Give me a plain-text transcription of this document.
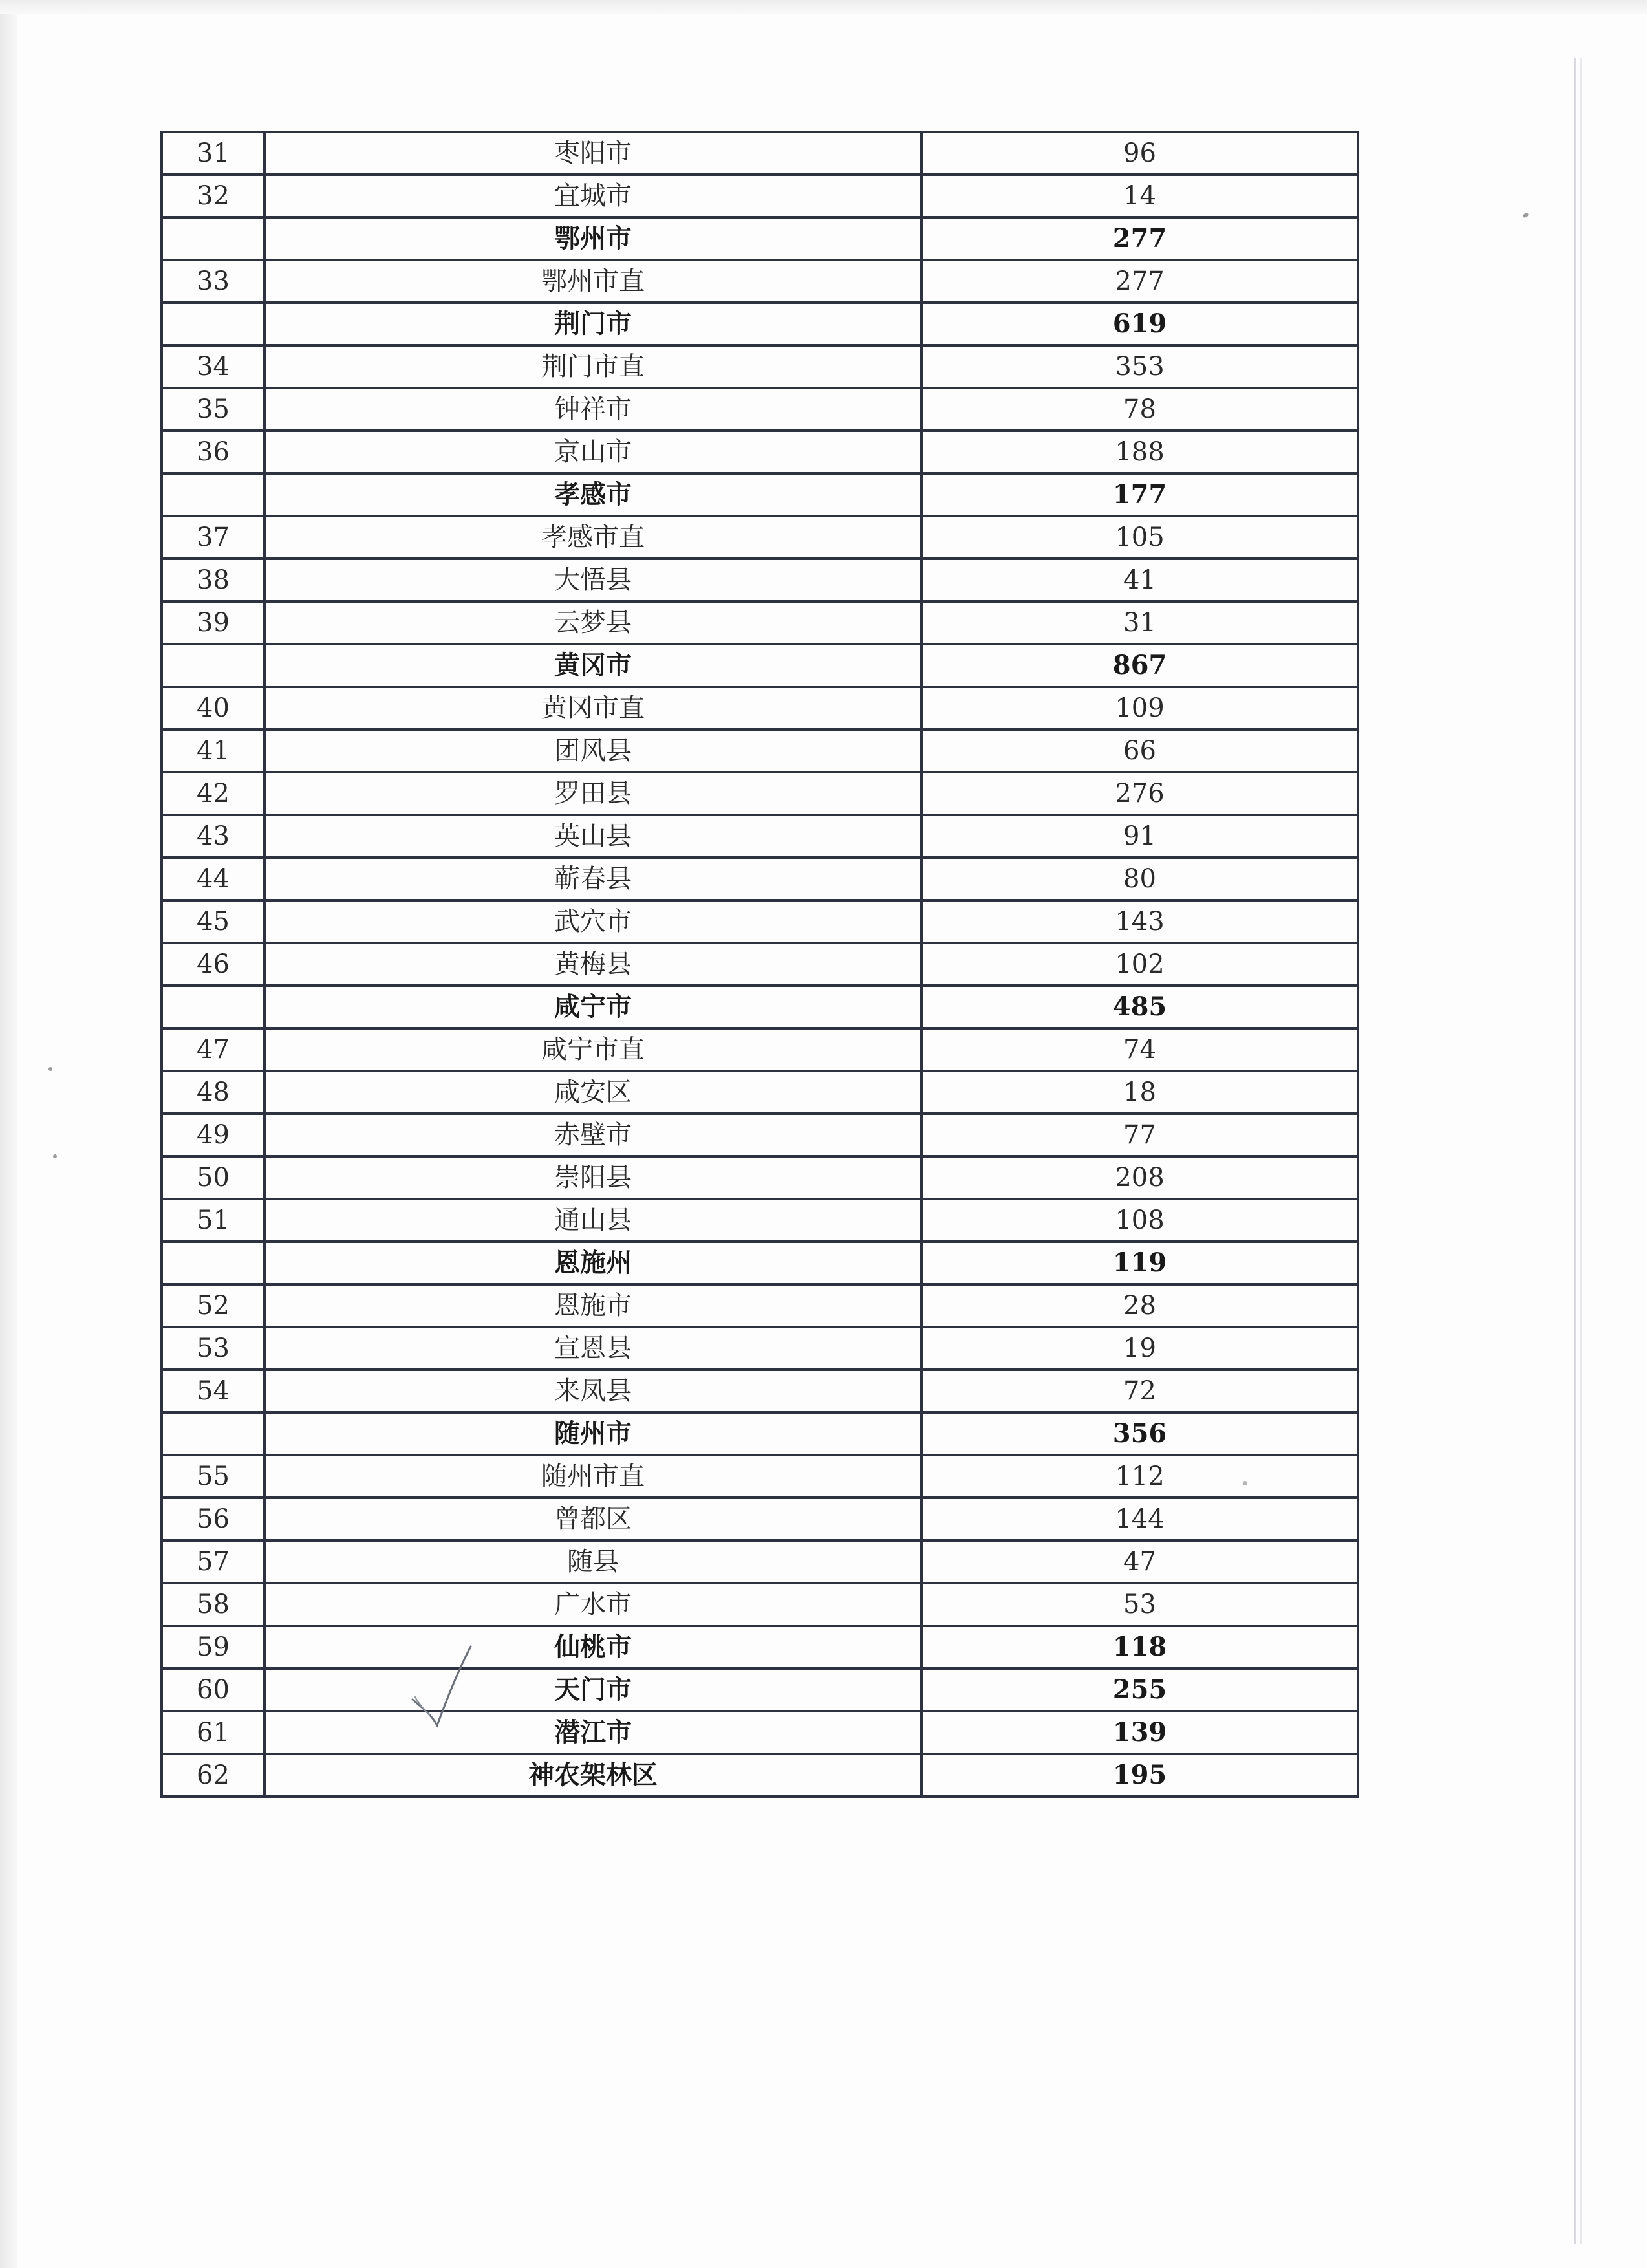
31	枣阳市	96
32	宜城市	14
	鄂州市	277
33	鄂州市直	277
	荆门市	619
34	荆门市直	353
35	钟祥市	78
36	京山市	188
	孝感市	177
37	孝感市直	105
38	大悟县	41
39	云梦县	31
	黄冈市	867
40	黄冈市直	109
41	团风县	66
42	罗田县	276
43	英山县	91
44	蕲春县	80
45	武穴市	143
46	黄梅县	102
	咸宁市	485
47	咸宁市直	74
48	咸安区	18
49	赤壁市	77
50	崇阳县	208
51	通山县	108
	恩施州	119
52	恩施市	28
53	宣恩县	19
54	来凤县	72
	随州市	356
55	随州市直	112
56	曾都区	144
57	随县	47
58	广水市	53
59	仙桃市	118
60	天门市	255
61	潜江市	139
62	神农架林区	195
